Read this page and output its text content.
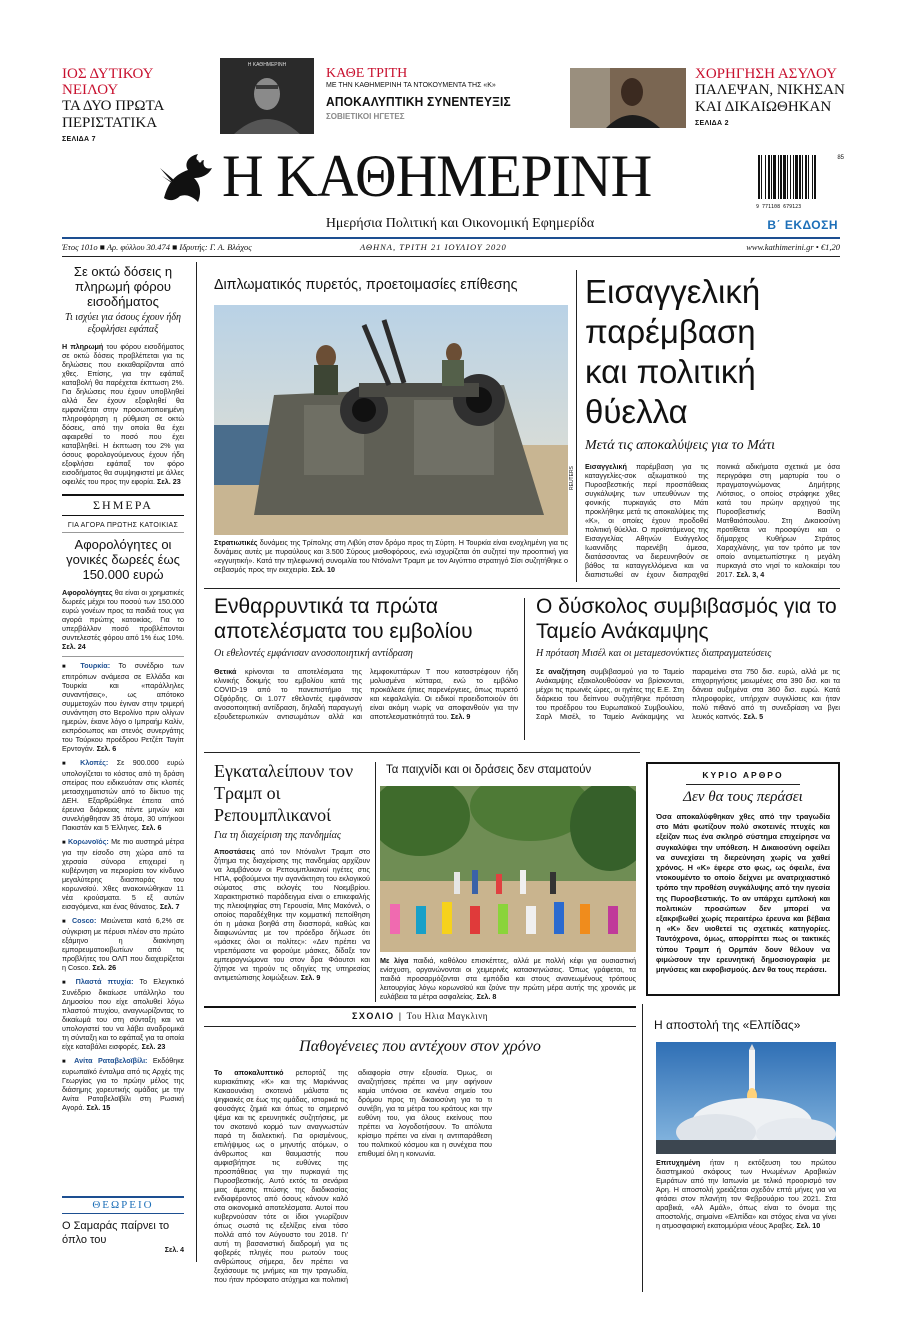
ΙΟΣ ΔΥΤΙΚΟΥ ΝΕΙΛΟΥ
ΤΑ ΔΥΟ ΠΡΩΤΑ
ΠΕΡΙΣΤΑΤΙΚΑ
ΣΕΛΙΔΑ 7
Η ΚΑΘΗΜΕΡΙΝΗ
ΚΑΘΕ ΤΡΙΤΗ
ΜΕ ΤΗΝ ΚΑΘΗΜΕΡΙΝΗ ΤΑ ΝΤΟΚΟΥΜΕΝΤΑ ΤΗΣ «Κ»
ΑΠΟΚΑΛΥΠΤΙΚΗ ΣΥΝΕΝΤΕΥΞΙΣ
ΣΟΒΙΕΤΙΚΟΙ ΗΓΕΤΕΣ
ΧΟΡΗΓΗΣΗ ΑΣΥΛΟΥ
ΠΑΛΕΨΑΝ, ΝΙΚΗΣΑΝ
ΚΑΙ ΔΙΚΑΙΩΘΗΚΑΝ
ΣΕΛΙΔΑ 2
Η ΚΑΘΗΜΕΡΙΝΗ
Ημερήσια Πολιτική και Οικονομική Εφημερίδα
9 771108 679123
85
Β΄ ΕΚΔΟΣΗ
Έτος 101ο ■ Αρ. φύλλου 30.474 ■ Ιδρυτής: Γ. Α. Βλάχος	ΑΘΗΝΑ, ΤΡΙΤΗ 21 ΙΟΥΛΙΟΥ 2020	www.kathimerini.gr • €1,20
Σε οκτώ δόσεις η πληρωμή φόρου εισοδήματος
Τι ισχύει για όσους έχουν ήδη εξοφλήσει εφάπαξ
Η πληρωμή του φόρου εισοδήματος σε οκτώ δόσεις προβλέπεται για τις δηλώσεις που εκκαθαρίζονται από χθες. Επίσης, για την εφάπαξ καταβολή θα παρέχεται έκπτωση 2%. Για δηλώσεις που έχουν υποβληθεί αλλά δεν έχουν εξοφληθεί θα εμφανίζεται στην προσωποποιημένη πληροφόρηση η ρύθμιση σε οκτώ δόσεις, από την οποία θα έχει αφαιρεθεί το ποσό που έχει καταβληθεί. Η έκπτωση του 2% για όσους φορολογούμενους έχουν ήδη εξοφλήσει εφάπαξ τον φόρο εισοδήματος θα συμψηφιστεί με άλλες οφειλές του προς την εφορία. Σελ. 23
ΣΗΜΕΡΑ
ΓΙΑ ΑΓΟΡΑ ΠΡΩΤΗΣ ΚΑΤΟΙΚΙΑΣ
Αφορολόγητες οι γονικές δωρεές έως 150.000 ευρώ
Αφορολόγητες θα είναι οι χρηματικές δωρεές μέχρι του ποσού των 150.000 ευρώ γονέων προς τα παιδιά τους για αγορά πρώτης κατοικίας. Για το υπερβάλλον ποσό προβλέπονται συντελεστές φόρου από 1% έως 10%. Σελ. 24
■ Τουρκία: Το συνέδριο των επιτρόπων ανάμεσα σε Ελλάδα και Τουρκία και «παράλληλες συναντήσεις», ως απότοκο συμμετοχών που έγιναν στην τριμερή συνάντηση στο Βερολίνο πριν ολίγων ημερών, έκανε λόγο ο Ιμπραήμ Καλίν, εκπρόσωπος και στενός συνεργάτης του Τούρκου προέδρου Ρετζέπ Ταγίπ Ερντογάν. Σελ. 6
■ Κλοπές: Σε 900.000 ευρώ υπολογίζεται το κόστος από τη δράση σπείρας που ειδικευόταν στις κλοπές μετασχηματιστών από το δίκτυο της ΔΕΗ. Εξαρθρώθηκε έπειτα από έρευνα διάρκειας πέντε μηνών και συνελήφθησαν 35 άτομα, 30 υπήκοοι Πακιστάν και 5 Έλληνες. Σελ. 6
■ Κορωνοϊός: Με πιο αυστηρά μέτρα για την είσοδο στη χώρα από τα χερσαία σύνορα επιχειρεί η κυβέρνηση να περιορίσει τον κίνδυνο μεγαλύτερης διασποράς του κορωνοϊού. Χθες ανακοινώθηκαν 11 νέα κρούσματα. 5 εξ αυτών εισαγόμενα, και ένας θάνατος. Σελ. 7
■ Cosco: Μειώνεται κατά 6,2% σε σύγκριση με πέρυσι πλέον στο πρώτο εξάμηνο η διακίνηση εμπορευματοκιβωτίων από τις προβλήτες του ΟΛΠ που διαχειρίζεται η Cosco. Σελ. 26
■ Πλαστά πτυχία: Το Ελεγκτικό Συνέδριο δικαίωσε υπάλληλο του Δημοσίου που είχε απολυθεί λόγω πλαστού πτυχίου, αναγνωρίζοντας το δικαίωμά του στη σύνταξη και να υπολογιστεί του να λάβει αναδρομικά τη σύνταξη και το εφάπαξ για τα οποία είχε καταβάλει εισφορές. Σελ. 23
■ Ανίτα Ραταβελοϊβίλι: Εκδόθηκε ευρωπαϊκό ένταλμα από τις Αρχές της Γεωργίας για το πρώην μέλος της διάσημης χορευτικής ομάδας με την Ανίτα Ραταβελοϊβίλι στη Ρωσική Αγορά. Σελ. 15
ΘΕΩΡΕΙΟ
Ο Σαμαράς παίρνει το όπλο του
Σελ. 4
Διπλωματικός πυρετός, προετοιμασίες επίθεσης
REUTERS
Στρατιωτικές δυνάμεις της Τρίπολης στη Λιβύη στον δρόμο προς τη Σύρτη. Η Τουρκία είναι ενοχλημένη για τις δυνάμεις αυτές με πυραύλους και 3.500 Σύρους μισθοφόρους, ενώ ισχυρίζεται ότι συζητεί την προοπτική για «εγγυητική». Κατά την τηλεφωνική συνομιλία του Ντόναλντ Τραμπ με τον Αιγύπτιο στρατηγό Σίσι συζητήθηκε ο σεβασμός προς την εκεχειρία. Σελ. 10
Εισαγγελική παρέμβαση και πολιτική θύελλα
Μετά τις αποκαλύψεις για το Μάτι
Εισαγγελική παρέμβαση για τις καταγγελίες-σοκ αξιωματικού της Πυροσβεστικής περί προσπάθειας συγκάλυψης των υπευθύνων της φονικής πυρκαγιάς στο Μάτι προκλήθηκε μετά τις αποκαλύψεις της «Κ», οι οποίες έχουν προδοθεί πολιτική θύελλα. Ο προϊστάμενος της Εισαγγελίας Αθηνών Ευάγγελος Ιωαννίδης παρενέβη άμεσα, διατάσσοντας να διερευνηθούν σε βάθος τα καταγγελλόμενα και να διαπιστωθεί αν έχουν διαπραχθεί ποινικά αδικήματα σχετικά με όσα περιγράφει στη μαρτυρία του ο πραγματογνώμονας Δημήτρης Λιότσιος, ο οποίος στράφηκε χθες κατά του πρώην αρχηγού της Πυροσβεστικής Βασίλη Ματθαιόπουλου. Στη Δικαιοσύνη προτίθεται να προσφύγει και ο δήμαρχος Κυθήρων Στράτος Χαραχλιάνης, για τον τρόπο με τον οποίο αντιμετωπίστηκε η μεγάλη πυρκαγιά στο νησί το καλοκαίρι του 2017. Σελ. 3, 4
Ενθαρρυντικά τα πρώτα αποτελέσματα του εμβολίου
Οι εθελοντές εμφάνισαν ανοσοποιητική αντίδραση
Θετικά κρίνονται τα αποτελέσματα της κλινικής δοκιμής του εμβολίου κατά της COVID-19 από το πανεπιστήμιο της Οξφόρδης. Οι 1.077 εθελοντές εμφάνισαν ανοσοποιητική αντίδραση, δηλαδή παραγωγή εξουδετερωτικών αντισωμάτων αλλά και λεμφοκυττάρων Τ που καταστρέφουν ήδη μολυσμένα κύτταρα, ενώ το εμβόλιο προκάλεσε ήπιες παρενέργειες, όπως πυρετό και κεφαλαλγία. Οι ειδικοί προειδοποιούν ότι είναι ακόμη νωρίς να αποφανθούν για την αποτελεσματικότητά του. Σελ. 9
Ο δύσκολος συμβιβασμός για το Ταμείο Ανάκαμψης
Η πρόταση Μισέλ και οι μεταμεσονύκτιες διαπραγματεύσεις
Σε αναζήτηση συμβιβασμού για το Ταμείο Ανάκαμψης εξακολουθούσαν να βρίσκονται, μέχρι τις πρωινές ώρες, οι ηγέτες της Ε.Ε. Στη διάρκεια του δείπνου συζητήθηκε πρόταση του προέδρου του Ευρωπαϊκού Συμβουλίου, Σαρλ Μισέλ, το Ταμείο Ανάκαμψης να παραμείνει στα 750 δισ. ευρώ, αλλά με τις επιχορηγήσεις μειωμένες στα 390 δισ. και τα δάνεια αυξημένα στα 360 δισ. ευρώ. Κατά πληροφορίες, υπήρχαν συγκλίσεις και ήταν πολύ πιθανό από τη συνεδρίαση να βγει λευκός καπνός. Σελ. 5
Εγκαταλείπουν τον Τραμπ οι Ρεπουμπλικανοί
Για τη διαχείριση της πανδημίας
Αποστάσεις από τον Ντόναλντ Τραμπ στο ζήτημα της διαχείρισης της πανδημίας αρχίζουν να λαμβάνουν οι Ρεπουμπλικανοί ηγέτες στις ΗΠΑ, φοβούμενοι την αγανάκτηση του εκλογικού σώματος στις εκλογές του Νοεμβρίου. Χαρακτηριστικό παράδειγμα είναι ο επικεφαλής της πλειοψηφίας στη Γερουσία, Μιτς Μακόνελ, ο οποίος παραδέχθηκε την κομματική πεποίθηση ότι η μάσκα βοηθά στη διασπορά, καθώς και διαφωνώντας με τον πρόεδρο δήλωσε ότι «μάσκες όλοι οι πολίτες»: «Δεν πρέπει να ντρεπόμαστε να φορούμε μάσκες, δίδαξε τον εμπειρογνώμονα του στον δρα Φάουτσι και ζήτησε να τηρούν τις οδηγίες της υπηρεσίας αντιμετώπισης λοιμώξεων. Σελ. 9
Τα παιχνίδι και οι δράσεις δεν σταματούν
Με λίγα παιδιά, καθόλου επισκέπτες, αλλά με πολλή κέφι για ουσιαστική ενίσχυση, οργανώνονται οι χειμερινές κατασκηνώσεις. Όπως γράφεται, τα παιδιά προσαρμόζονται στα εμπόδια και στους ανανεωμένους τρόπους λειτουργίας λόγω κορωνοϊού και ζούνε την πρώτη μέρα αυτής της χρονιάς με ευλάβεια τα μέτρα ασφαλείας. Σελ. 8
ΚΥΡΙΟ ΑΡΘΡΟ
Δεν θα τους περάσει
Όσα αποκαλύφθηκαν χθες από την τραγωδία στο Μάτι φωτίζουν πολύ σκοτεινές πτυχές και εξείζαν πως ένα σκληρό σύστημα επιχείρησε να συγκαλύψει την υπόθεση. Η Δικαιοσύνη οφείλει να συνεχίσει τη διερεύνηση χωρίς να χαθεί χρόνος. Η «Κ» έφερε στο φως, ως όφειλε, ένα ντοκουμέντο το οποίο δείχνει με ανατριχιαστικό τρόπο την προθέση συγκάλυψης από την ηγεσία της Πυροσβεστικής. Το αν υπάρχει εμπλοκή και πολιτικών προσώπων δεν μπορεί να εξακριβωθεί χωρίς περαιτέρω έρευνα και βέβαια η «Κ» δεν υιοθετεί τις σχετικές κατηγορίες. Ταυτόχρονα, όμως, απορρίπτει πως οι τακτικές τύπου Τραμπ ή Ορμπάν δουν θέλουν να φιμώσουν την ερευνητική δημοσιογραφία με μηνύσεις και εκφοβισμούς. Δεν θα τους περάσει.
ΣΧΟΛΙΟ | Του Ηλια Μαγκλινη
Παθογένειες που αντέχουν στον χρόνο
Το αποκαλυπτικό ρεπορτάζ της κυριακάτικης «Κ» και της Μαριάννας Κακαουνάκη σκοτεινά μάλιστα τις ψηφιακές σε έως της ομάδας, ιστορικά τις φουσάγες ζημιά και όπως το σημερινό ψέμα και τις ερευνητικές συζητήσεις, με τον σκοτεινό κορμό των αναγνωστών παρά τη διαλεκτική. Για ορισμένους, επιλήψιμος ως ο μηνυτής ατόμων, ο άνθρωπος και θαυμαστής που αμφισβήτησε τις ευθύνες της προσπάθειας για την πυρκαγιά της Πυροσβεστικής. Αυτό εκτός τα σενάρια μιας άμεσης πτώσης της διαδικασίας ενδιαφέροντος από όσους κάνουν καλό στα οικονομικά αποτελέσματα. Αυτοί που κυβερνούσαν τότε οι ίδιοι γνωρίζουν όπως σωστά τις εξελίξεις είναι τόσο πολλά από τον Αύγουστο του 2018. Γι' αυτή τη βασανιστική διαδρομή για τις φοβερές πληγές που ρωτούν τους ανθρώπους σήμερα, δεν πρέπει να ξεχάσουμε τις μνήμες και την τραγωδία, που ήταν πρόσφατο ατύχημα και πολιτική αδιαφορία στην εξουσία. Όμως, οι αναζητήσεις πρέπει να μην αφήνουν καμία υπόνοια σε κανένα σημείο του δρόμου προς τη δικαιοσύνη για το τι συνέβη, για τα μέτρα του κράτους και την ευθύνη του, για όλους εκείνους που πρέπει να λογοδοτήσουν. Το απόλυτα κρίσιμο πρέπει να είναι η αντιπαράθεση του πολιτικού κόσμου και η συνέχεια που επιθυμεί όλη η κοινωνία.
Η αποστολή της «Ελπίδας»
Επιτυχημένη ήταν η εκτόξευση του πρώτου διαστημικού σκάφους των Ηνωμένων Αραβικών Εμιράτων από την Ιαπωνία με τελικό προορισμό τον Άρη. Η αποστολή χρειάζεται σχεδόν επτά μήνες για να φτάσει στον πλανήτη τον Φεβρουάριο του 2021. Στα αραβικά, «Αλ Αμάλ», όπως είναι το όνομα της αποστολής, σημαίνει «Ελπίδα» και στόχος είναι να γίνει η ατμοσφαιρική εκατομμύρια νέους Άραβες. Σελ. 10
